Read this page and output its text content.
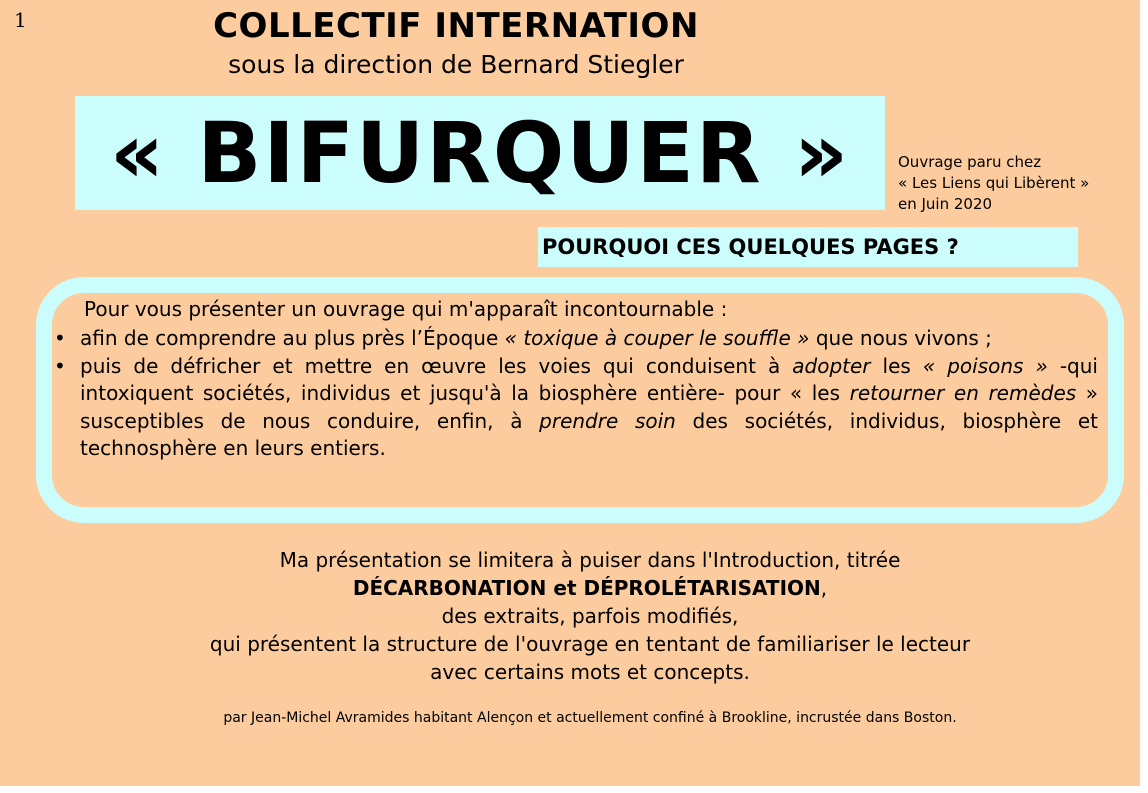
1	COLLECTIF INTERNATION
sous la direction de Bernard Stiegler
« BIFURQUER »	Ouvrage paru chez
« Les Liens qui Libèrent »
en Juin 2020
POURQUOI CES QUELQUES PAGES ?
Pour vous présenter un ouvrage qui m'apparaît incontournable :
• afin de comprendre au plus près l’Époque « toxique à couper le souffle » que nous vivons ;
• puis de défricher et mettre en œuvre les voies qui conduisent à adopter les « poisons » -qui intoxiquent sociétés, individus et jusqu'à la biosphère entière- pour « les retourner en remèdes » susceptibles de nous conduire, enfin, à prendre soin des sociétés, individus, biosphère et technosphère en leurs entiers.
Ma présentation se limitera à puiser dans l'Introduction, titrée
DÉCARBONATION et DÉPROLÉTARISATION,
des extraits, parfois modifiés,
qui présentent la structure de l'ouvrage en tentant de familiariser le lecteur
avec certains mots et concepts.
par Jean-Michel Avramides habitant Alençon et actuellement confiné à Brookline, incrustée dans Boston.
